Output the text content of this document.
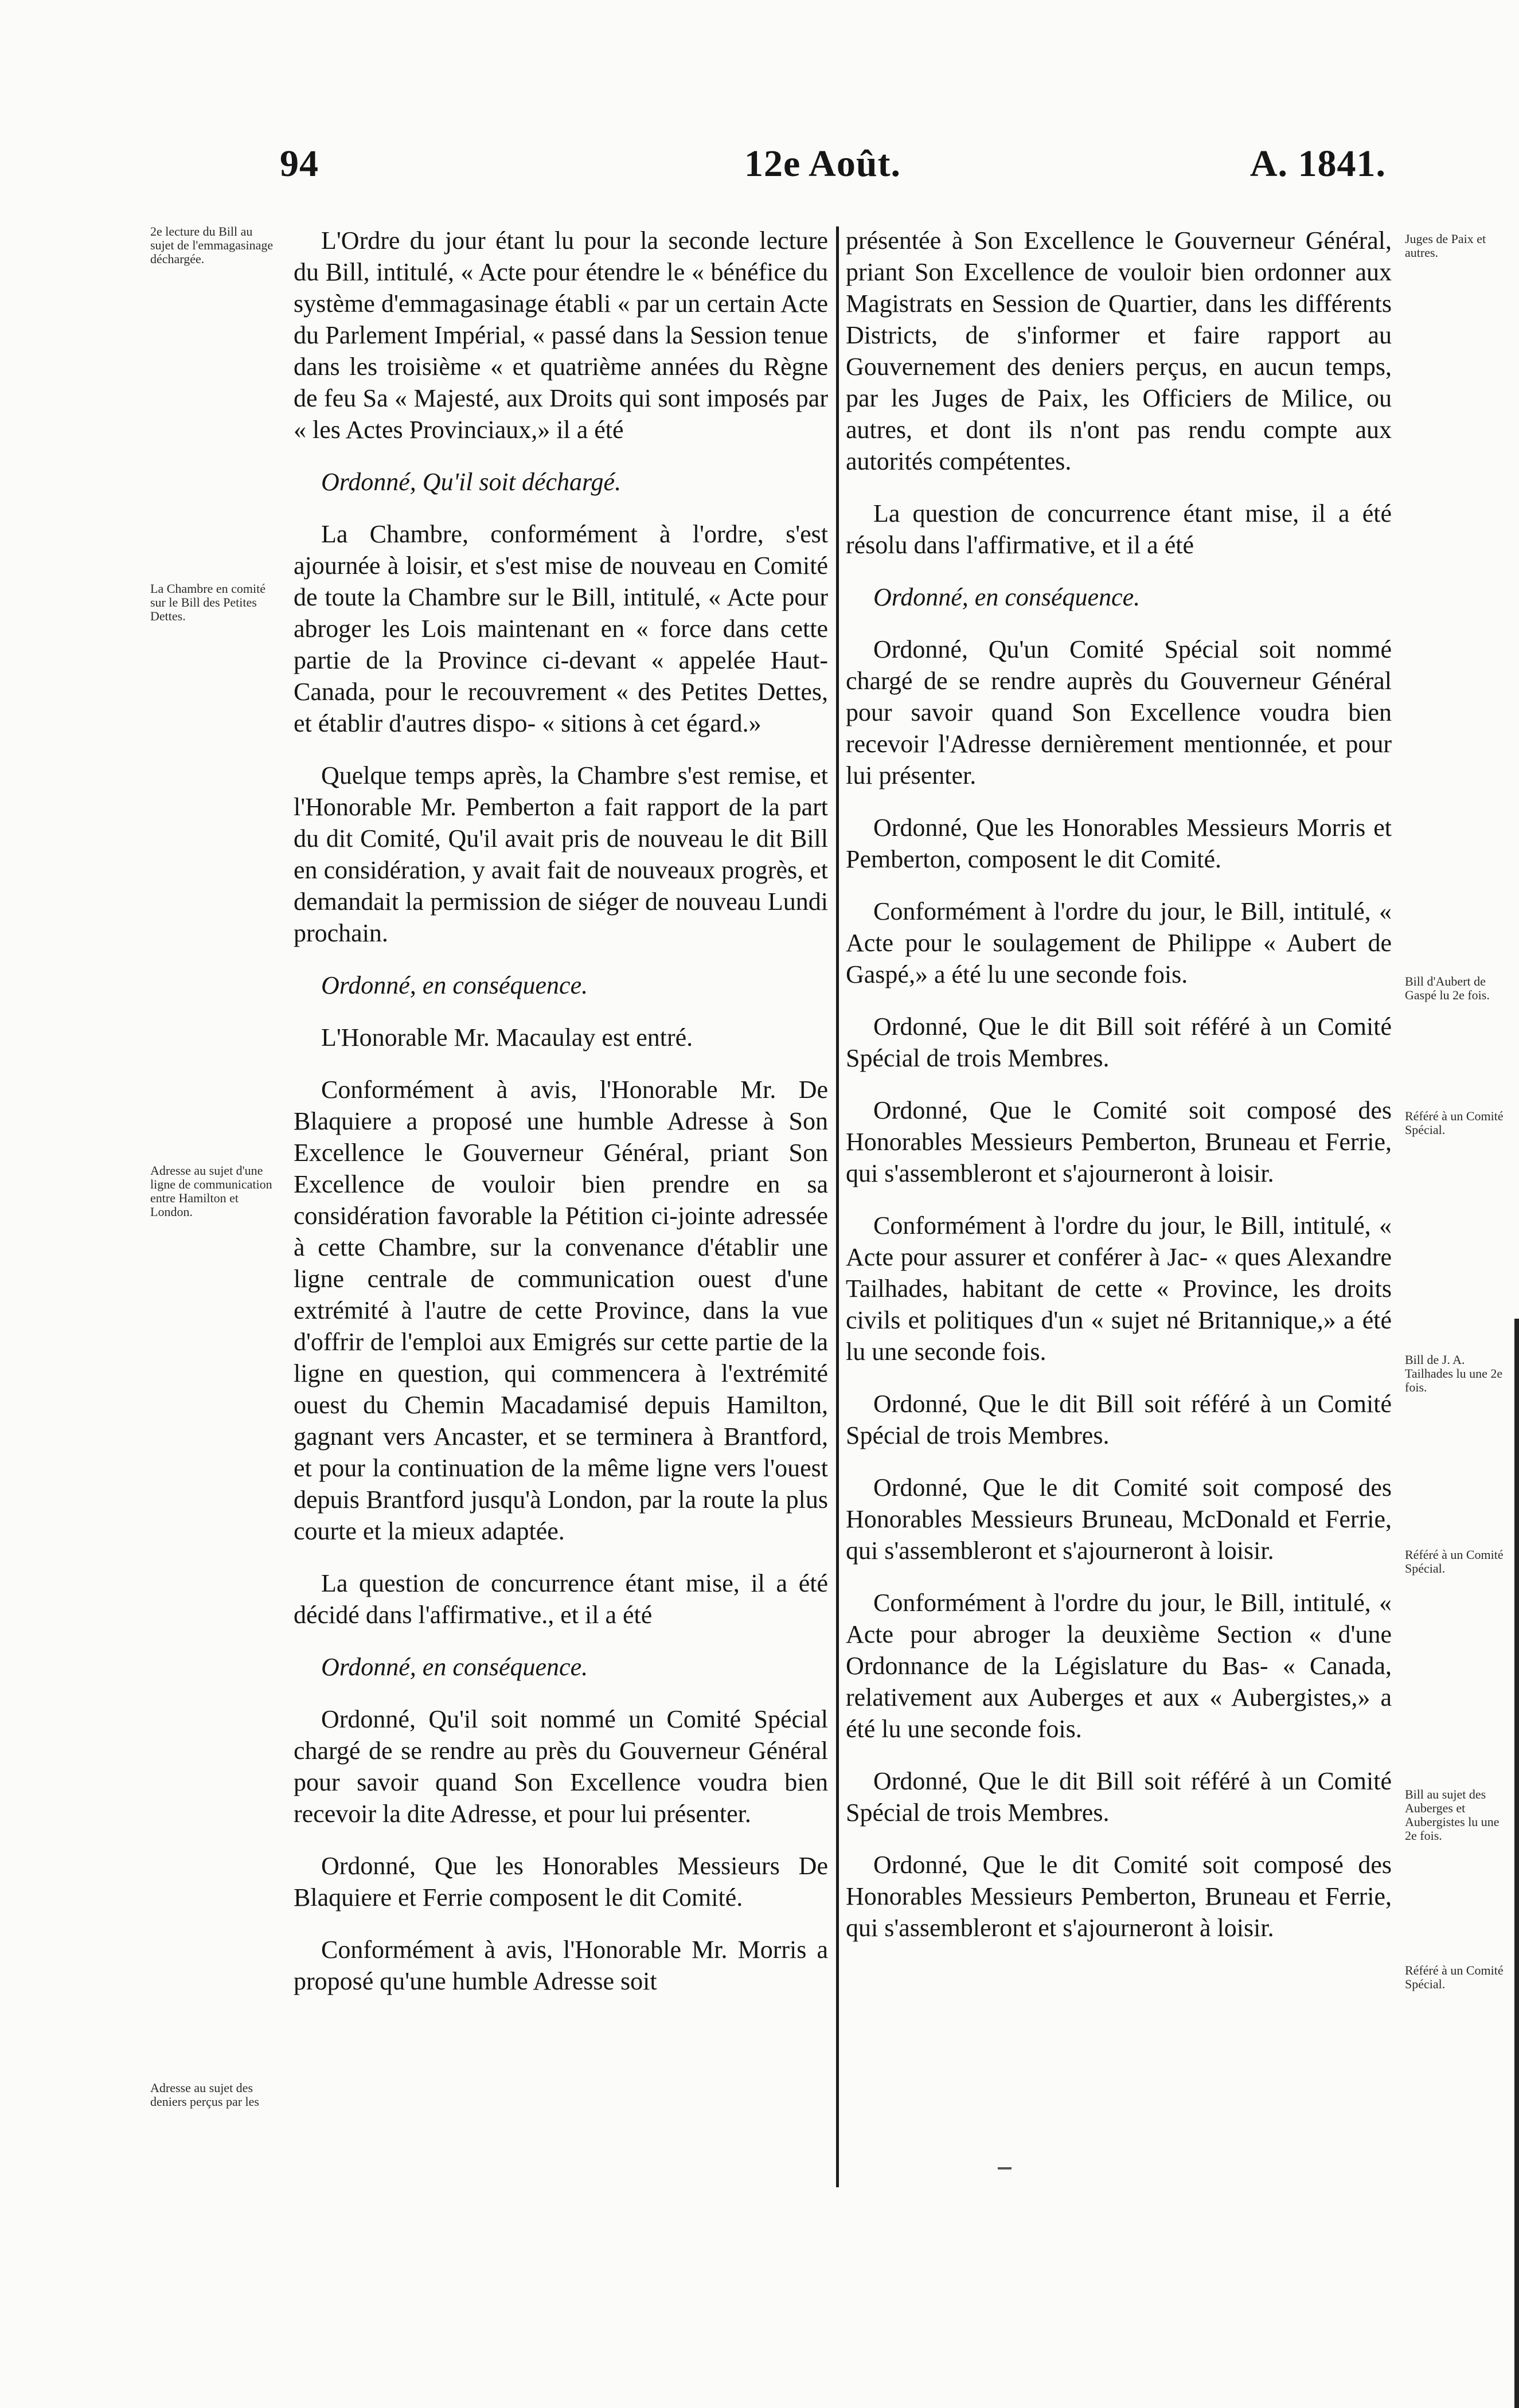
94	12e Août.	A. 1841.
2e lecture du Bill au sujet de l'emmagasinage déchargée.
La Chambre en comité sur le Bill des Petites Dettes.
Adresse au sujet d'une ligne de communication entre Hamilton et London.
Adresse au sujet des deniers perçus par les
Juges de Paix et autres.
Bill d'Aubert de Gaspé lu 2e fois.
Référé à un Comité Spécial.
Bill de J. A. Tailhades lu une 2e fois.
Référé à un Comité Spécial.
Bill au sujet des Auberges et Aubergistes lu une 2e fois.
Référé à un Comité Spécial.

L'Ordre du jour étant lu pour la seconde lecture du Bill, intitulé, « Acte pour étendre le « bénéfice du système d'emmagasinage établi « par un certain Acte du Parlement Impérial, « passé dans la Session tenue dans les troisième « et quatrième années du Règne de feu Sa « Majesté, aux Droits qui sont imposés par « les Actes Provinciaux,» il a été

Ordonné, Qu'il soit déchargé.

La Chambre, conformément à l'ordre, s'est ajournée à loisir, et s'est mise de nouveau en Comité de toute la Chambre sur le Bill, intitulé, « Acte pour abroger les Lois maintenant en « force dans cette partie de la Province ci-devant « appelée Haut-Canada, pour le recouvrement « des Petites Dettes, et établir d'autres dispo- « sitions à cet égard.»

Quelque temps après, la Chambre s'est remise, et l'Honorable Mr. Pemberton a fait rapport de la part du dit Comité, Qu'il avait pris de nouveau le dit Bill en considération, y avait fait de nouveaux progrès, et demandait la permission de siéger de nouveau Lundi prochain.

Ordonné, en conséquence.

L'Honorable Mr. Macaulay est entré.

Conformément à avis, l'Honorable Mr. De Blaquiere a proposé une humble Adresse à Son Excellence le Gouverneur Général, priant Son Excellence de vouloir bien prendre en sa considération favorable la Pétition ci-jointe adressée à cette Chambre, sur la convenance d'établir une ligne centrale de communication ouest d'une extrémité à l'autre de cette Province, dans la vue d'offrir de l'emploi aux Emigrés sur cette partie de la ligne en question, qui commencera à l'extrémité ouest du Chemin Macadamisé depuis Hamilton, gagnant vers Ancaster, et se terminera à Brantford, et pour la continuation de la même ligne vers l'ouest depuis Brantford jusqu'à London, par la route la plus courte et la mieux adaptée.

La question de concurrence étant mise, il a été décidé dans l'affirmative., et il a été

Ordonné, en conséquence.

Ordonné, Qu'il soit nommé un Comité Spécial chargé de se rendre au près du Gouverneur Général pour savoir quand Son Excellence voudra bien recevoir la dite Adresse, et pour lui présenter.

Ordonné, Que les Honorables Messieurs De Blaquiere et Ferrie composent le dit Comité.

Conformément à avis, l'Honorable Mr. Morris a proposé qu'une humble Adresse soit

présentée à Son Excellence le Gouverneur Général, priant Son Excellence de vouloir bien ordonner aux Magistrats en Session de Quartier, dans les différents Districts, de s'informer et faire rapport au Gouvernement des deniers perçus, en aucun temps, par les Juges de Paix, les Officiers de Milice, ou autres, et dont ils n'ont pas rendu compte aux autorités compétentes.

La question de concurrence étant mise, il a été résolu dans l'affirmative, et il a été

Ordonné, en conséquence.

Ordonné, Qu'un Comité Spécial soit nommé chargé de se rendre auprès du Gouverneur Général pour savoir quand Son Excellence voudra bien recevoir l'Adresse dernièrement mentionnée, et pour lui présenter.

Ordonné, Que les Honorables Messieurs Morris et Pemberton, composent le dit Comité.

Conformément à l'ordre du jour, le Bill, intitulé, « Acte pour le soulagement de Philippe « Aubert de Gaspé,» a été lu une seconde fois.

Ordonné, Que le dit Bill soit référé à un Comité Spécial de trois Membres.

Ordonné, Que le Comité soit composé des Honorables Messieurs Pemberton, Bruneau et Ferrie, qui s'assembleront et s'ajourneront à loisir.

Conformément à l'ordre du jour, le Bill, intitulé, « Acte pour assurer et conférer à Jac- « ques Alexandre Tailhades, habitant de cette « Province, les droits civils et politiques d'un « sujet né Britannique,» a été lu une seconde fois.

Ordonné, Que le dit Bill soit référé à un Comité Spécial de trois Membres.

Ordonné, Que le dit Comité soit composé des Honorables Messieurs Bruneau, McDonald et Ferrie, qui s'assembleront et s'ajourneront à loisir.

Conformément à l'ordre du jour, le Bill, intitulé, « Acte pour abroger la deuxième Section « d'une Ordonnance de la Législature du Bas- « Canada, relativement aux Auberges et aux « Aubergistes,» a été lu une seconde fois.

Ordonné, Que le dit Bill soit référé à un Comité Spécial de trois Membres.

Ordonné, Que le dit Comité soit composé des Honorables Messieurs Pemberton, Bruneau et Ferrie, qui s'assembleront et s'ajourneront à loisir.
